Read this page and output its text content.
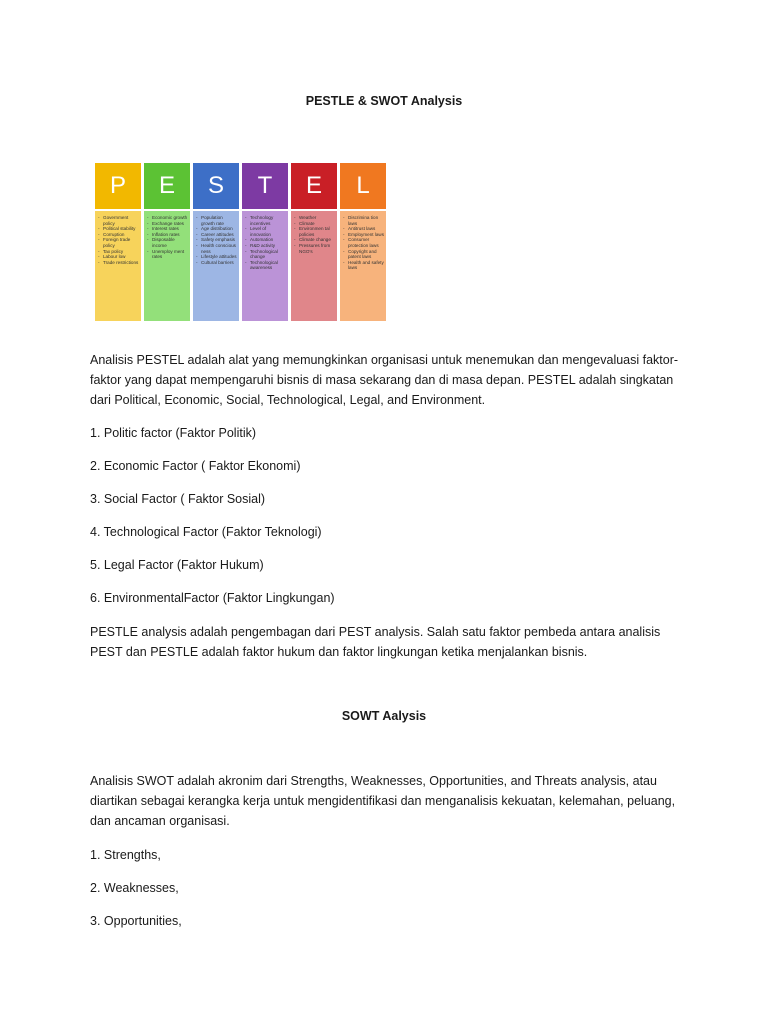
PESTLE & SWOT Analysis
P
- Government policy
- Political stability
- Corruption
- Foreign trade policy
- Tax policy
- Labour low
- Trade restrictions
E
- Economic growth
- Exchange rates
- Interest rates
- Inflation rates
- Disposable income
- Unemploy ment rates
S
- Population growth rate
- Age distribution
- Career attitudes
- Safety emphasis
- Health conscious ness
- Lifestyle attitudes
- Cultural barriers
T
- Technology incentives
- Level of innovation
- Automation
- R&D activity
- Technological change
- Technological awareness
E
- Weather
- Climate
- Environmen tal policies
- Climate change
- Pressures from NGO's
L
- Discrimina tion laws
- Antitrust laws
- Employment laws
- Consumer protection laws
- Copyright and patent laws
- Health and safety laws
Analisis PESTEL adalah alat yang memungkinkan organisasi untuk menemukan dan mengevaluasi faktor-faktor yang dapat mempengaruhi bisnis di masa sekarang dan di masa depan. PESTEL adalah singkatan dari Political, Economic, Social, Technological, Legal, and Environment.
1. Politic factor (Faktor Politik)
2. Economic Factor ( Faktor Ekonomi)
3. Social Factor ( Faktor Sosial)
4. Technological Factor (Faktor Teknologi)
5. Legal Factor (Faktor Hukum)
6. EnvironmentalFactor (Faktor Lingkungan)
PESTLE analysis adalah pengembagan dari PEST analysis. Salah satu faktor pembeda antara analisis PEST dan PESTLE adalah faktor hukum dan faktor lingkungan ketika menjalankan bisnis.
SOWT Aalysis
Analisis SWOT adalah akronim dari Strengths, Weaknesses, Opportunities, and Threats analysis, atau diartikan sebagai kerangka kerja untuk mengidentifikasi dan menganalisis kekuatan, kelemahan, peluang, dan ancaman organisasi.
1. Strengths,
2. Weaknesses,
3. Opportunities,
